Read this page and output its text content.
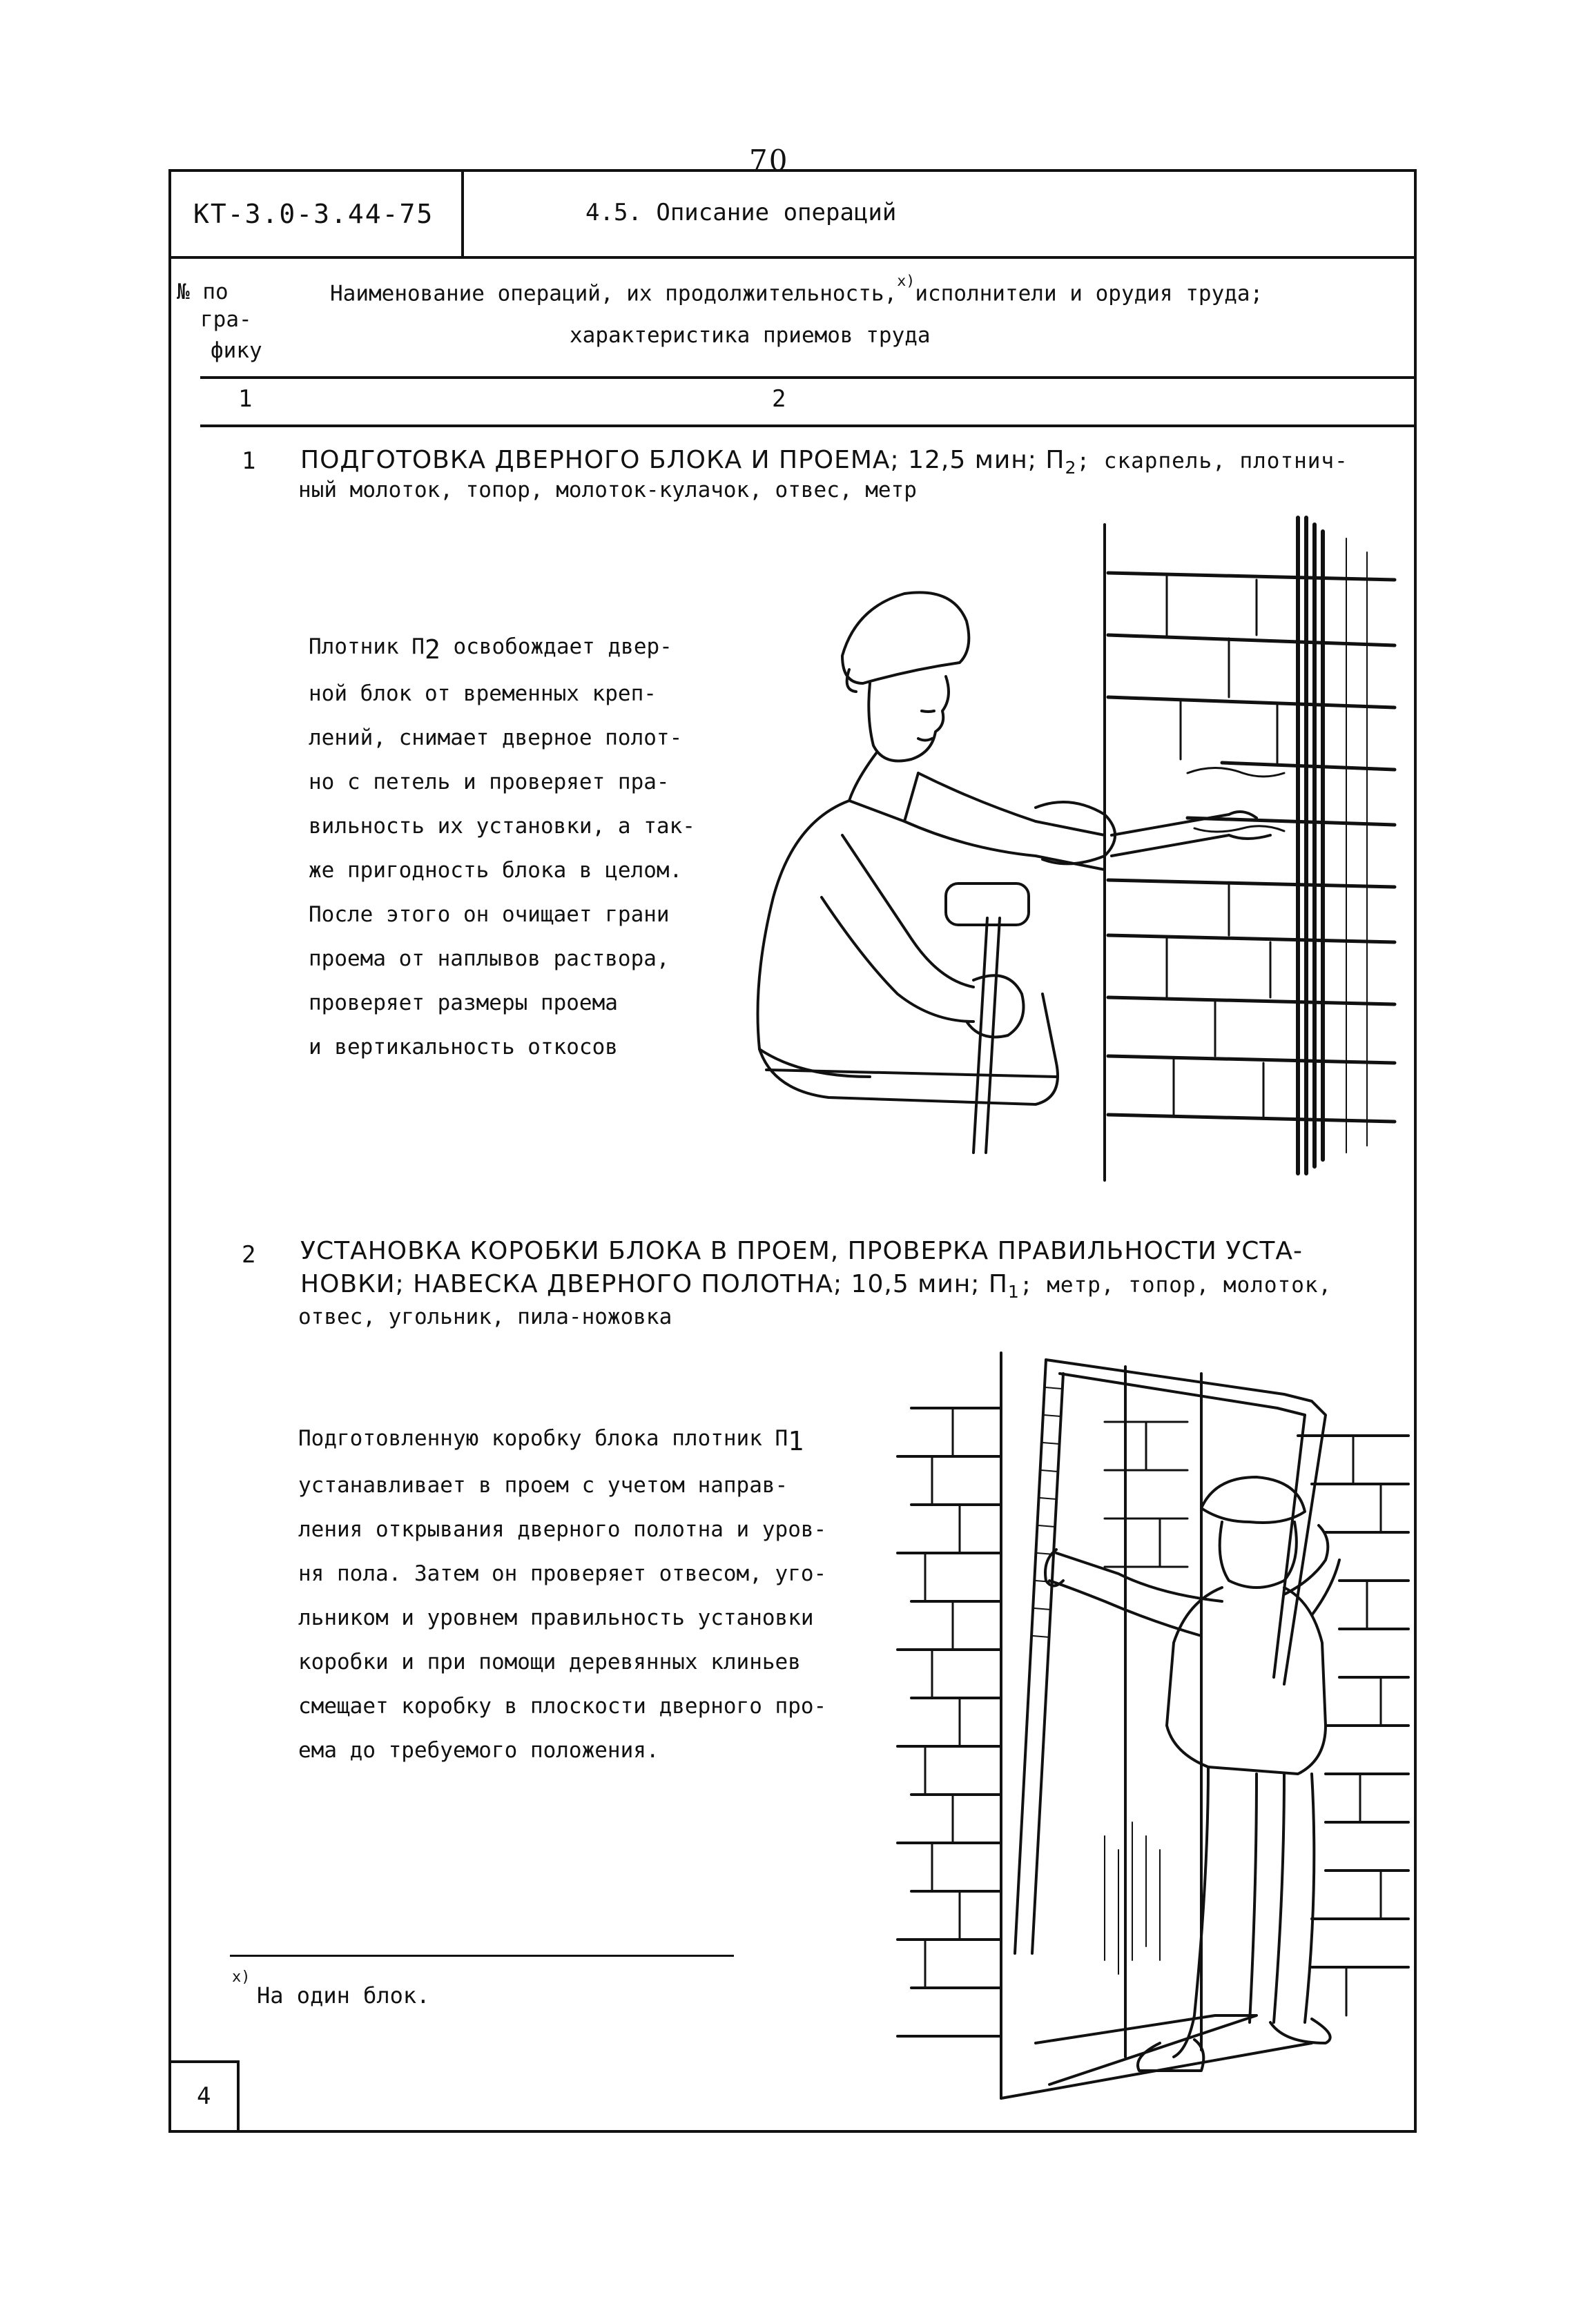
70
КТ-3.0-3.44-75	4.5. Описание операций
№ по
гра-
фику
Наименование операций, их продолжительность,$^{х)}$исполнители и орудия труда;
характеристика приемов труда
1	2
1 ПОДГОТОВКА ДВЕРНОГО БЛОКА И ПРОЕМА; 12,5 мин; $П_2$; скарпель, плотнич-
ный молоток, топор, молоток-кулачок, отвес, метр
Плотник $П_2$ освобождает двер-
ной блок от временных креп-
лений, снимает дверное полот-
но с петель и проверяет пра-
вильность их установки, а так-
же пригодность блока в целом.
После этого он очищает грани
проема от наплывов раствора,
проверяет размеры проема
и вертикальность откосов
2 УСТАНОВКА КОРОБКИ БЛОКА В ПРОЕМ, ПРОВЕРКА ПРАВИЛЬНОСТИ УСТА-
НОВКИ; НАВЕСКА ДВЕРНОГО ПОЛОТНА; 10,5 мин; $П_1$; метр, топор, молоток,
отвес, угольник, пила-ножовка
Подготовленную коробку блока плотник $П_1$
устанавливает в проем с учетом направ-
ления открывания дверного полотна и уров-
ня пола. Затем он проверяет отвесом, уго-
льником и уровнем правильность установки
коробки и при помощи деревянных клиньев
смещает коробку в плоскости дверного про-
ема до требуемого положения.
х)
На один блок.
4
